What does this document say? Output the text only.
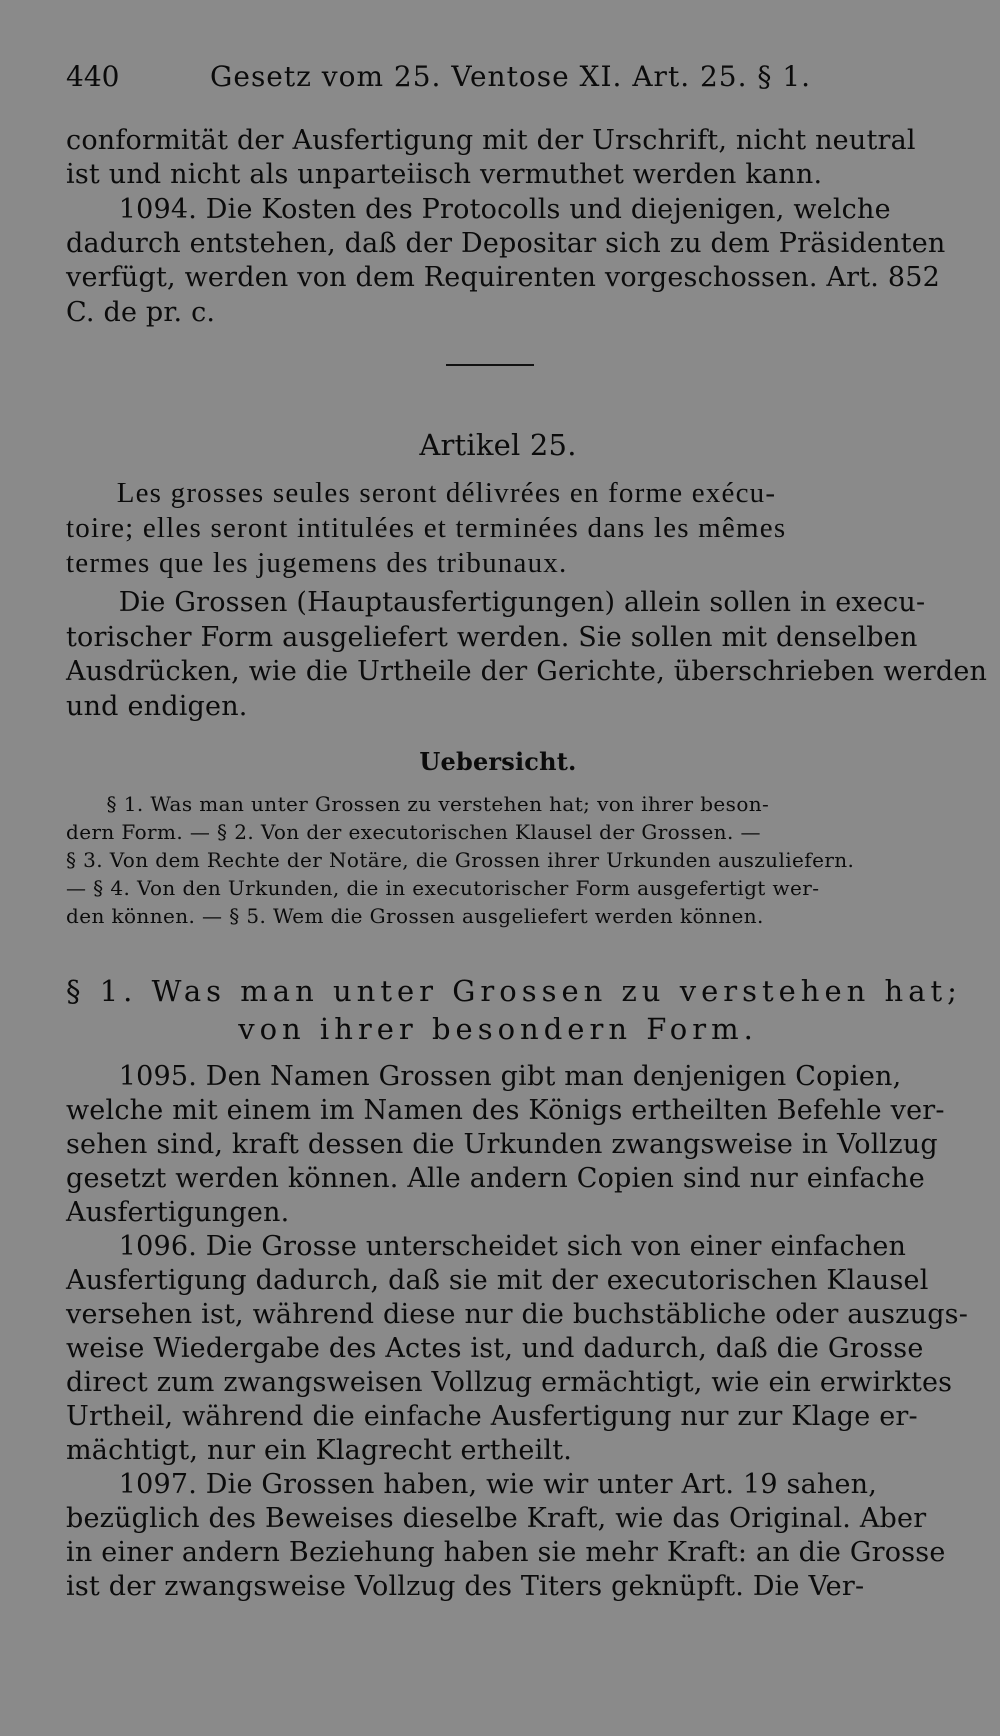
440	Gesetz vom 25. Ventose XI. Art. 25. § 1.
conformität der Ausfertigung mit der Urschrift, nicht neutral
ist und nicht als unparteiisch vermuthet werden kann.
1094. Die Kosten des Protocolls und diejenigen, welche
dadurch entstehen, daß der Depositar sich zu dem Präsidenten
verfügt, werden von dem Requirenten vorgeschossen. Art. 852
C. de pr. c.
Artikel 25.
Les grosses seules seront délivrées en forme exécu-
toire; elles seront intitulées et terminées dans les mêmes
termes que les jugemens des tribunaux.
Die Grossen (Hauptausfertigungen) allein sollen in execu-
torischer Form ausgeliefert werden. Sie sollen mit denselben
Ausdrücken, wie die Urtheile der Gerichte, überschrieben werden
und endigen.
Uebersicht.
§ 1. Was man unter Grossen zu verstehen hat; von ihrer beson-
dern Form. — § 2. Von der executorischen Klausel der Grossen. —
§ 3. Von dem Rechte der Notäre, die Grossen ihrer Urkunden auszuliefern.
— § 4. Von den Urkunden, die in executorischer Form ausgefertigt wer-
den können. — § 5. Wem die Grossen ausgeliefert werden können.
§ 1. Was man unter Grossen zu verstehen hat;
von ihrer besondern Form.
1095. Den Namen Grossen gibt man denjenigen Copien,
welche mit einem im Namen des Königs ertheilten Befehle ver-
sehen sind, kraft dessen die Urkunden zwangsweise in Vollzug
gesetzt werden können. Alle andern Copien sind nur einfache
Ausfertigungen.
1096. Die Grosse unterscheidet sich von einer einfachen
Ausfertigung dadurch, daß sie mit der executorischen Klausel
versehen ist, während diese nur die buchstäbliche oder auszugs-
weise Wiedergabe des Actes ist, und dadurch, daß die Grosse
direct zum zwangsweisen Vollzug ermächtigt, wie ein erwirktes
Urtheil, während die einfache Ausfertigung nur zur Klage er-
mächtigt, nur ein Klagrecht ertheilt.
1097. Die Grossen haben, wie wir unter Art. 19 sahen,
bezüglich des Beweises dieselbe Kraft, wie das Original. Aber
in einer andern Beziehung haben sie mehr Kraft: an die Grosse
ist der zwangsweise Vollzug des Titers geknüpft. Die Ver-
